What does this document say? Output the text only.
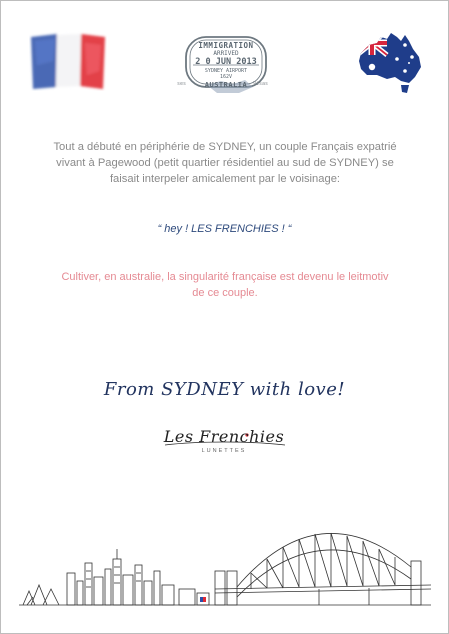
IMMIGRATION
ARRIVED
2 0 JUN 2013
SYDNEY AIRPORT
162V
AUSTRALIA
ses	Visas
Tout a débuté en périphérie de SYDNEY, un couple Français expatrié vivant à Pagewood (petit quartier résidentiel au sud de SYDNEY) se faisait interpeler amicalement par le voisinage:
“ hey ! LES FRENCHIES ! “
Cultiver, en australie, la singularité française est devenu le leitmotiv de ce couple.
From SYDNEY with love!
Les Frenchies
LUNETTES
